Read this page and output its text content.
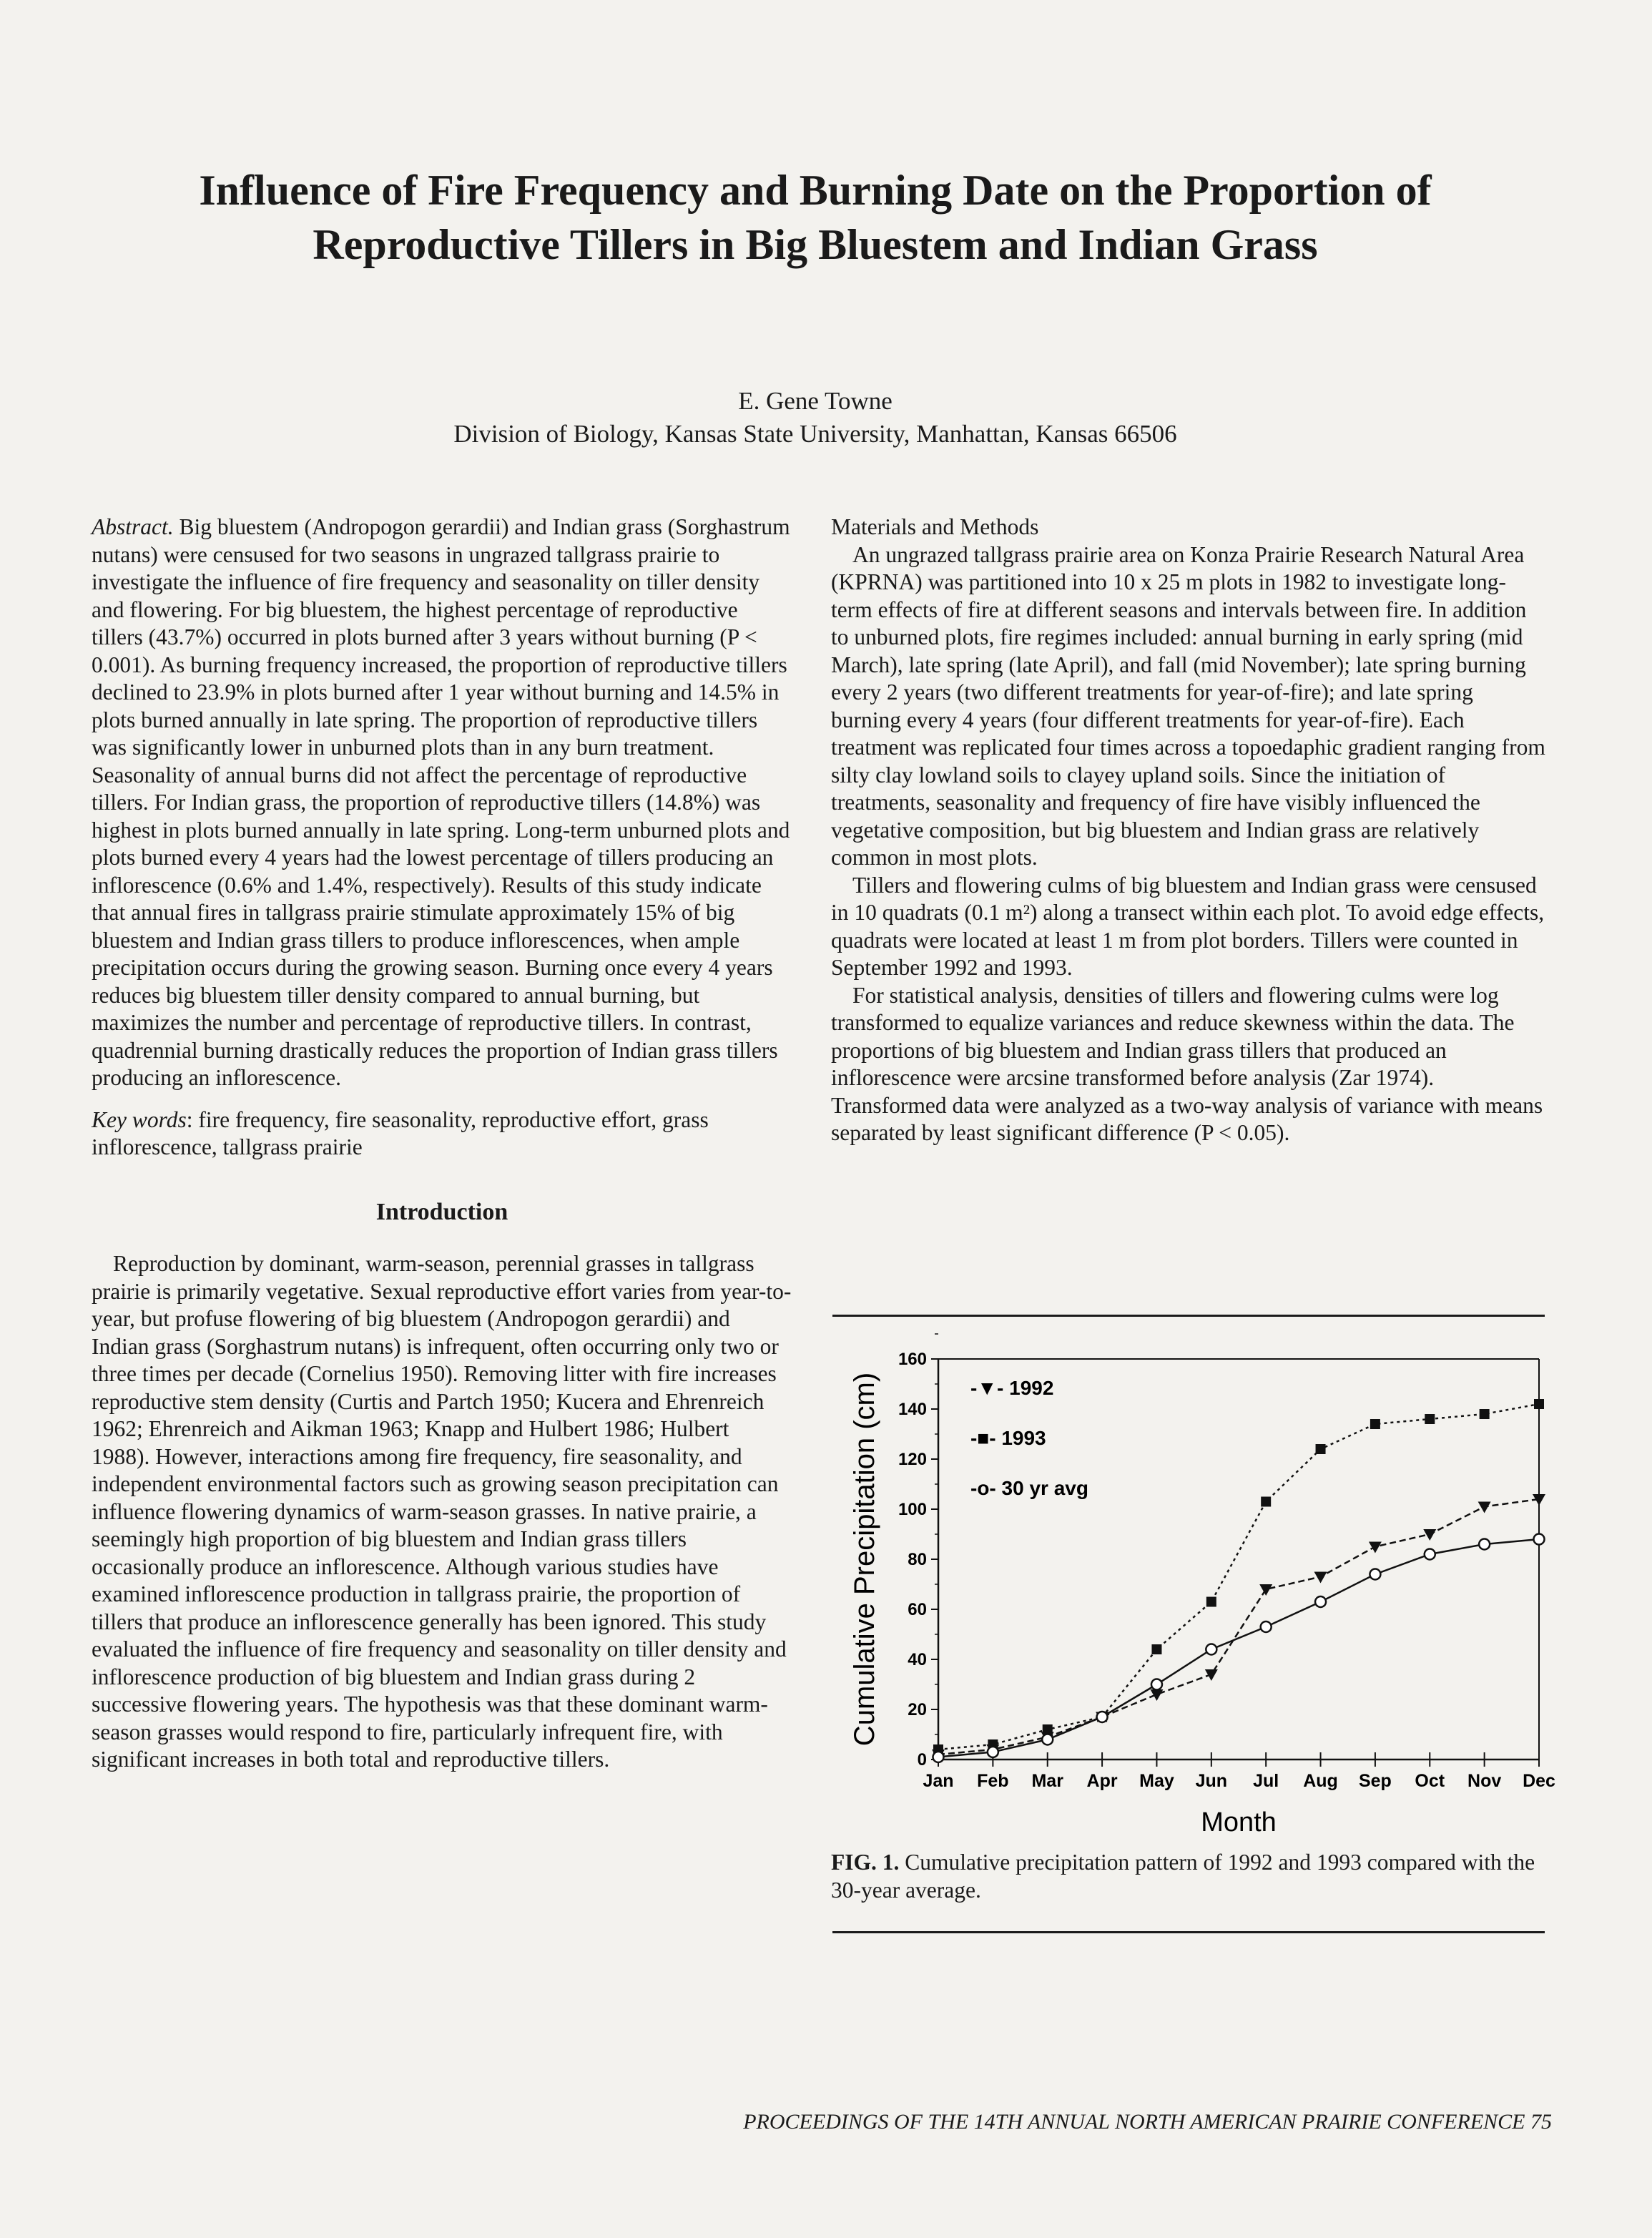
Influence of Fire Frequency and Burning Date on the Proportion of Reproductive Tillers in Big Bluestem and Indian Grass
E. Gene Towne
Division of Biology, Kansas State University, Manhattan, Kansas 66506

Abstract. Big bluestem (Andropogon gerardii) and Indian grass (Sorghastrum nutans) were censused for two seasons in ungrazed tallgrass prairie to investigate the influence of fire frequency and seasonality on tiller density and flowering. For big bluestem, the highest percentage of reproductive tillers (43.7%) occurred in plots burned after 3 years without burning (P < 0.001). As burning frequency increased, the proportion of reproductive tillers declined to 23.9% in plots burned after 1 year without burning and 14.5% in plots burned annually in late spring. The proportion of reproductive tillers was significantly lower in unburned plots than in any burn treatment. Seasonality of annual burns did not affect the percentage of reproductive tillers. For Indian grass, the proportion of reproductive tillers (14.8%) was highest in plots burned annually in late spring. Long-term unburned plots and plots burned every 4 years had the lowest percentage of tillers producing an inflorescence (0.6% and 1.4%, respectively). Results of this study indicate that annual fires in tallgrass prairie stimulate approximately 15% of big bluestem and Indian grass tillers to produce inflorescences, when ample precipitation occurs during the growing season. Burning once every 4 years reduces big bluestem tiller density compared to annual burning, but maximizes the number and percentage of reproductive tillers. In contrast, quadrennial burning drastically reduces the proportion of Indian grass tillers producing an inflorescence.

Key words: fire frequency, fire seasonality, reproductive effort, grass inflorescence, tallgrass prairie

Introduction

Reproduction by dominant, warm-season, perennial grasses in tallgrass prairie is primarily vegetative. Sexual reproductive effort varies from year-to-year, but profuse flowering of big bluestem (Andropogon gerardii) and Indian grass (Sorghastrum nutans) is infrequent, often occurring only two or three times per decade (Cornelius 1950). Removing litter with fire increases reproductive stem density (Curtis and Partch 1950; Kucera and Ehrenreich 1962; Ehrenreich and Aikman 1963; Knapp and Hulbert 1986; Hulbert 1988). However, interactions among fire frequency, fire seasonality, and independent environmental factors such as growing season precipitation can influence flowering dynamics of warm-season grasses. In native prairie, a seemingly high proportion of big bluestem and Indian grass tillers occasionally produce an inflorescence. Although various studies have examined inflorescence production in tallgrass prairie, the proportion of tillers that produce an inflorescence generally has been ignored. This study evaluated the influence of fire frequency and seasonality on tiller density and inflorescence production of big bluestem and Indian grass during 2 successive flowering years. The hypothesis was that these dominant warm-season grasses would respond to fire, particularly infrequent fire, with significant increases in both total and reproductive tillers.

Materials and Methods

An ungrazed tallgrass prairie area on Konza Prairie Research Natural Area (KPRNA) was partitioned into 10 x 25 m plots in 1982 to investigate long-term effects of fire at different seasons and intervals between fire. In addition to unburned plots, fire regimes included: annual burning in early spring (mid March), late spring (late April), and fall (mid November); late spring burning every 2 years (two different treatments for year-of-fire); and late spring burning every 4 years (four different treatments for year-of-fire). Each treatment was replicated four times across a topoedaphic gradient ranging from silty clay lowland soils to clayey upland soils. Since the initiation of treatments, seasonality and frequency of fire have visibly influenced the vegetative composition, but big bluestem and Indian grass are relatively common in most plots.

Tillers and flowering culms of big bluestem and Indian grass were censused in 10 quadrats (0.1 m²) along a transect within each plot. To avoid edge effects, quadrats were located at least 1 m from plot borders. Tillers were counted in September 1992 and 1993.

For statistical analysis, densities of tillers and flowering culms were log transformed to equalize variances and reduce skewness within the data. The proportions of big bluestem and Indian grass tillers that produced an inflorescence were arcsine transformed before analysis (Zar 1974). Transformed data were analyzed as a two-way analysis of variance with means separated by least significant difference (P < 0.05).

0
20
40
60
80
100
120
140
160
Jan Feb Mar Apr May Jun Jul Aug Sep Oct Nov Dec
Month
Cumulative Precipitation (cm)	-▼- 1992
-■- 1993
-o- 30 yr avg
FIG. 1. Cumulative precipitation pattern of 1992 and 1993 compared with the 30-year average.
PROCEEDINGS OF THE 14TH ANNUAL NORTH AMERICAN PRAIRIE CONFERENCE 75
